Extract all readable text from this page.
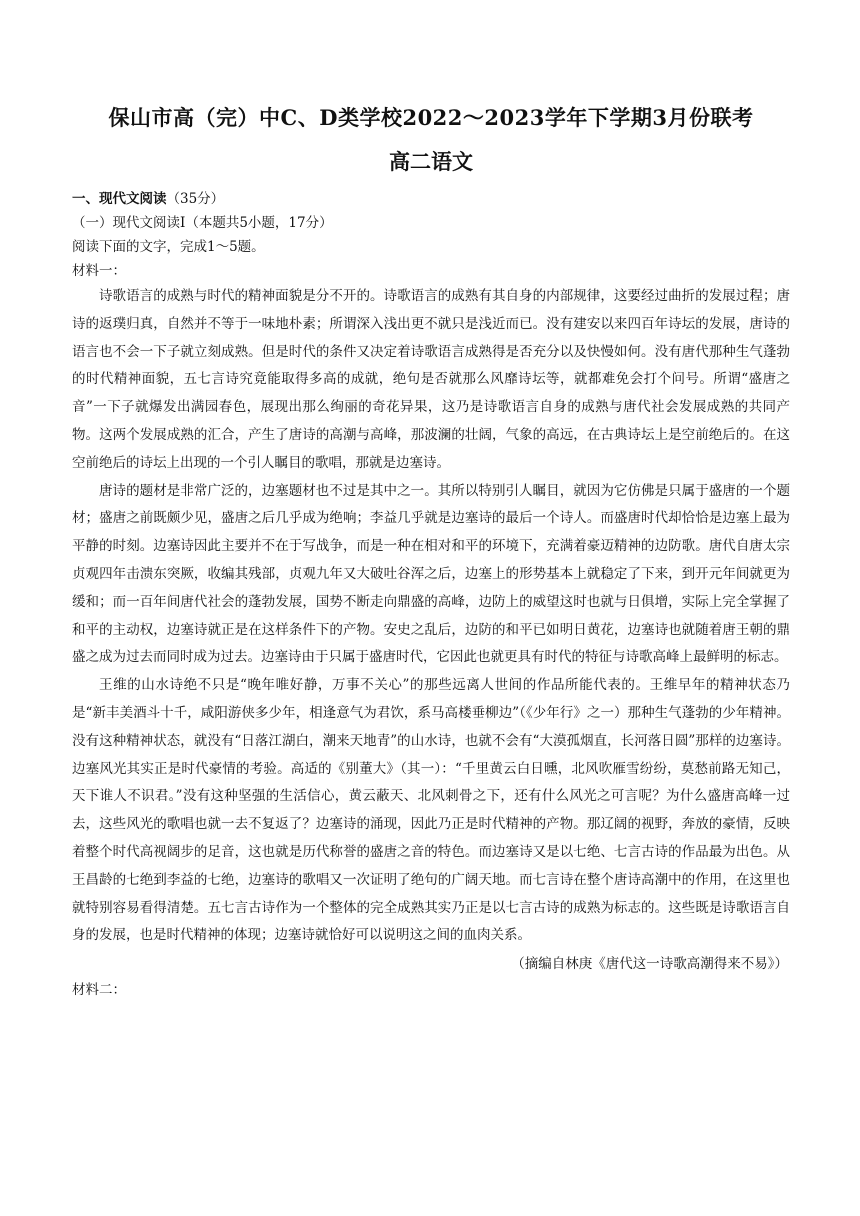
保山市高（完）中C、D类学校2022～2023学年下学期3月份联考
高二语文
一、现代文阅读（35分）
（一）现代文阅读I（本题共5小题，17分）
阅读下面的文字，完成1～5题。
材料一：

诗歌语言的成熟与时代的精神面貌是分不开的。诗歌语言的成熟有其自身的内部规律，这要经过曲折的发展过程；唐诗的返璞归真，自然并不等于一味地朴素；所谓深入浅出更不就只是浅近而已。没有建安以来四百年诗坛的发展，唐诗的语言也不会一下子就立刻成熟。但是时代的条件又决定着诗歌语言成熟得是否充分以及快慢如何。没有唐代那种生气蓬勃的时代精神面貌，五七言诗究竟能取得多高的成就，绝句是否就那么风靡诗坛等，就都难免会打个问号。所谓“盛唐之音”一下子就爆发出满园春色，展现出那么绚丽的奇花异果，这乃是诗歌语言自身的成熟与唐代社会发展成熟的共同产物。这两个发展成熟的汇合，产生了唐诗的高潮与高峰，那波澜的壮阔，气象的高远，在古典诗坛上是空前绝后的。在这空前绝后的诗坛上出现的一个引人瞩目的歌唱，那就是边塞诗。

唐诗的题材是非常广泛的，边塞题材也不过是其中之一。其所以特别引人瞩目，就因为它仿佛是只属于盛唐的一个题材；盛唐之前既颇少见，盛唐之后几乎成为绝响；李益几乎就是边塞诗的最后一个诗人。而盛唐时代却恰恰是边塞上最为平静的时刻。边塞诗因此主要并不在于写战争，而是一种在相对和平的环境下，充满着豪迈精神的边防歌。唐代自唐太宗贞观四年击溃东突厥，收编其残部，贞观九年又大破吐谷浑之后，边塞上的形势基本上就稳定了下来，到开元年间就更为缓和；而一百年间唐代社会的蓬勃发展，国势不断走向鼎盛的高峰，边防上的威望这时也就与日俱增，实际上完全掌握了和平的主动权，边塞诗就正是在这样条件下的产物。安史之乱后，边防的和平已如明日黄花，边塞诗也就随着唐王朝的鼎盛之成为过去而同时成为过去。边塞诗由于只属于盛唐时代，它因此也就更具有时代的特征与诗歌高峰上最鲜明的标志。

王维的山水诗绝不只是“晚年唯好静，万事不关心”的那些远离人世间的作品所能代表的。王维早年的精神状态乃是“新丰美酒斗十千，咸阳游侠多少年，相逢意气为君饮，系马高楼垂柳边”（《少年行》之一）那种生气蓬勃的少年精神。没有这种精神状态，就没有“日落江湖白，潮来天地青”的山水诗，也就不会有“大漠孤烟直，长河落日圆”那样的边塞诗。边塞风光其实正是时代豪情的考验。高适的《别董大》（其一）：“千里黄云白日曛，北风吹雁雪纷纷，莫愁前路无知己，天下谁人不识君。”没有这种坚强的生活信心，黄云蔽天、北风刺骨之下，还有什么风光之可言呢？为什么盛唐高峰一过去，这些风光的歌唱也就一去不复返了？边塞诗的涌现，因此乃正是时代精神的产物。那辽阔的视野，奔放的豪情，反映着整个时代高视阔步的足音，这也就是历代称誉的盛唐之音的特色。而边塞诗又是以七绝、七言古诗的作品最为出色。从王昌龄的七绝到李益的七绝，边塞诗的歌唱又一次证明了绝句的广阔天地。而七言诗在整个唐诗高潮中的作用，在这里也就特别容易看得清楚。五七言古诗作为一个整体的完全成熟其实乃正是以七言古诗的成熟为标志的。这些既是诗歌语言自身的发展，也是时代精神的体现；边塞诗就恰好可以说明这之间的血肉关系。

（摘编自林庚《唐代这一诗歌高潮得来不易》）

材料二：
